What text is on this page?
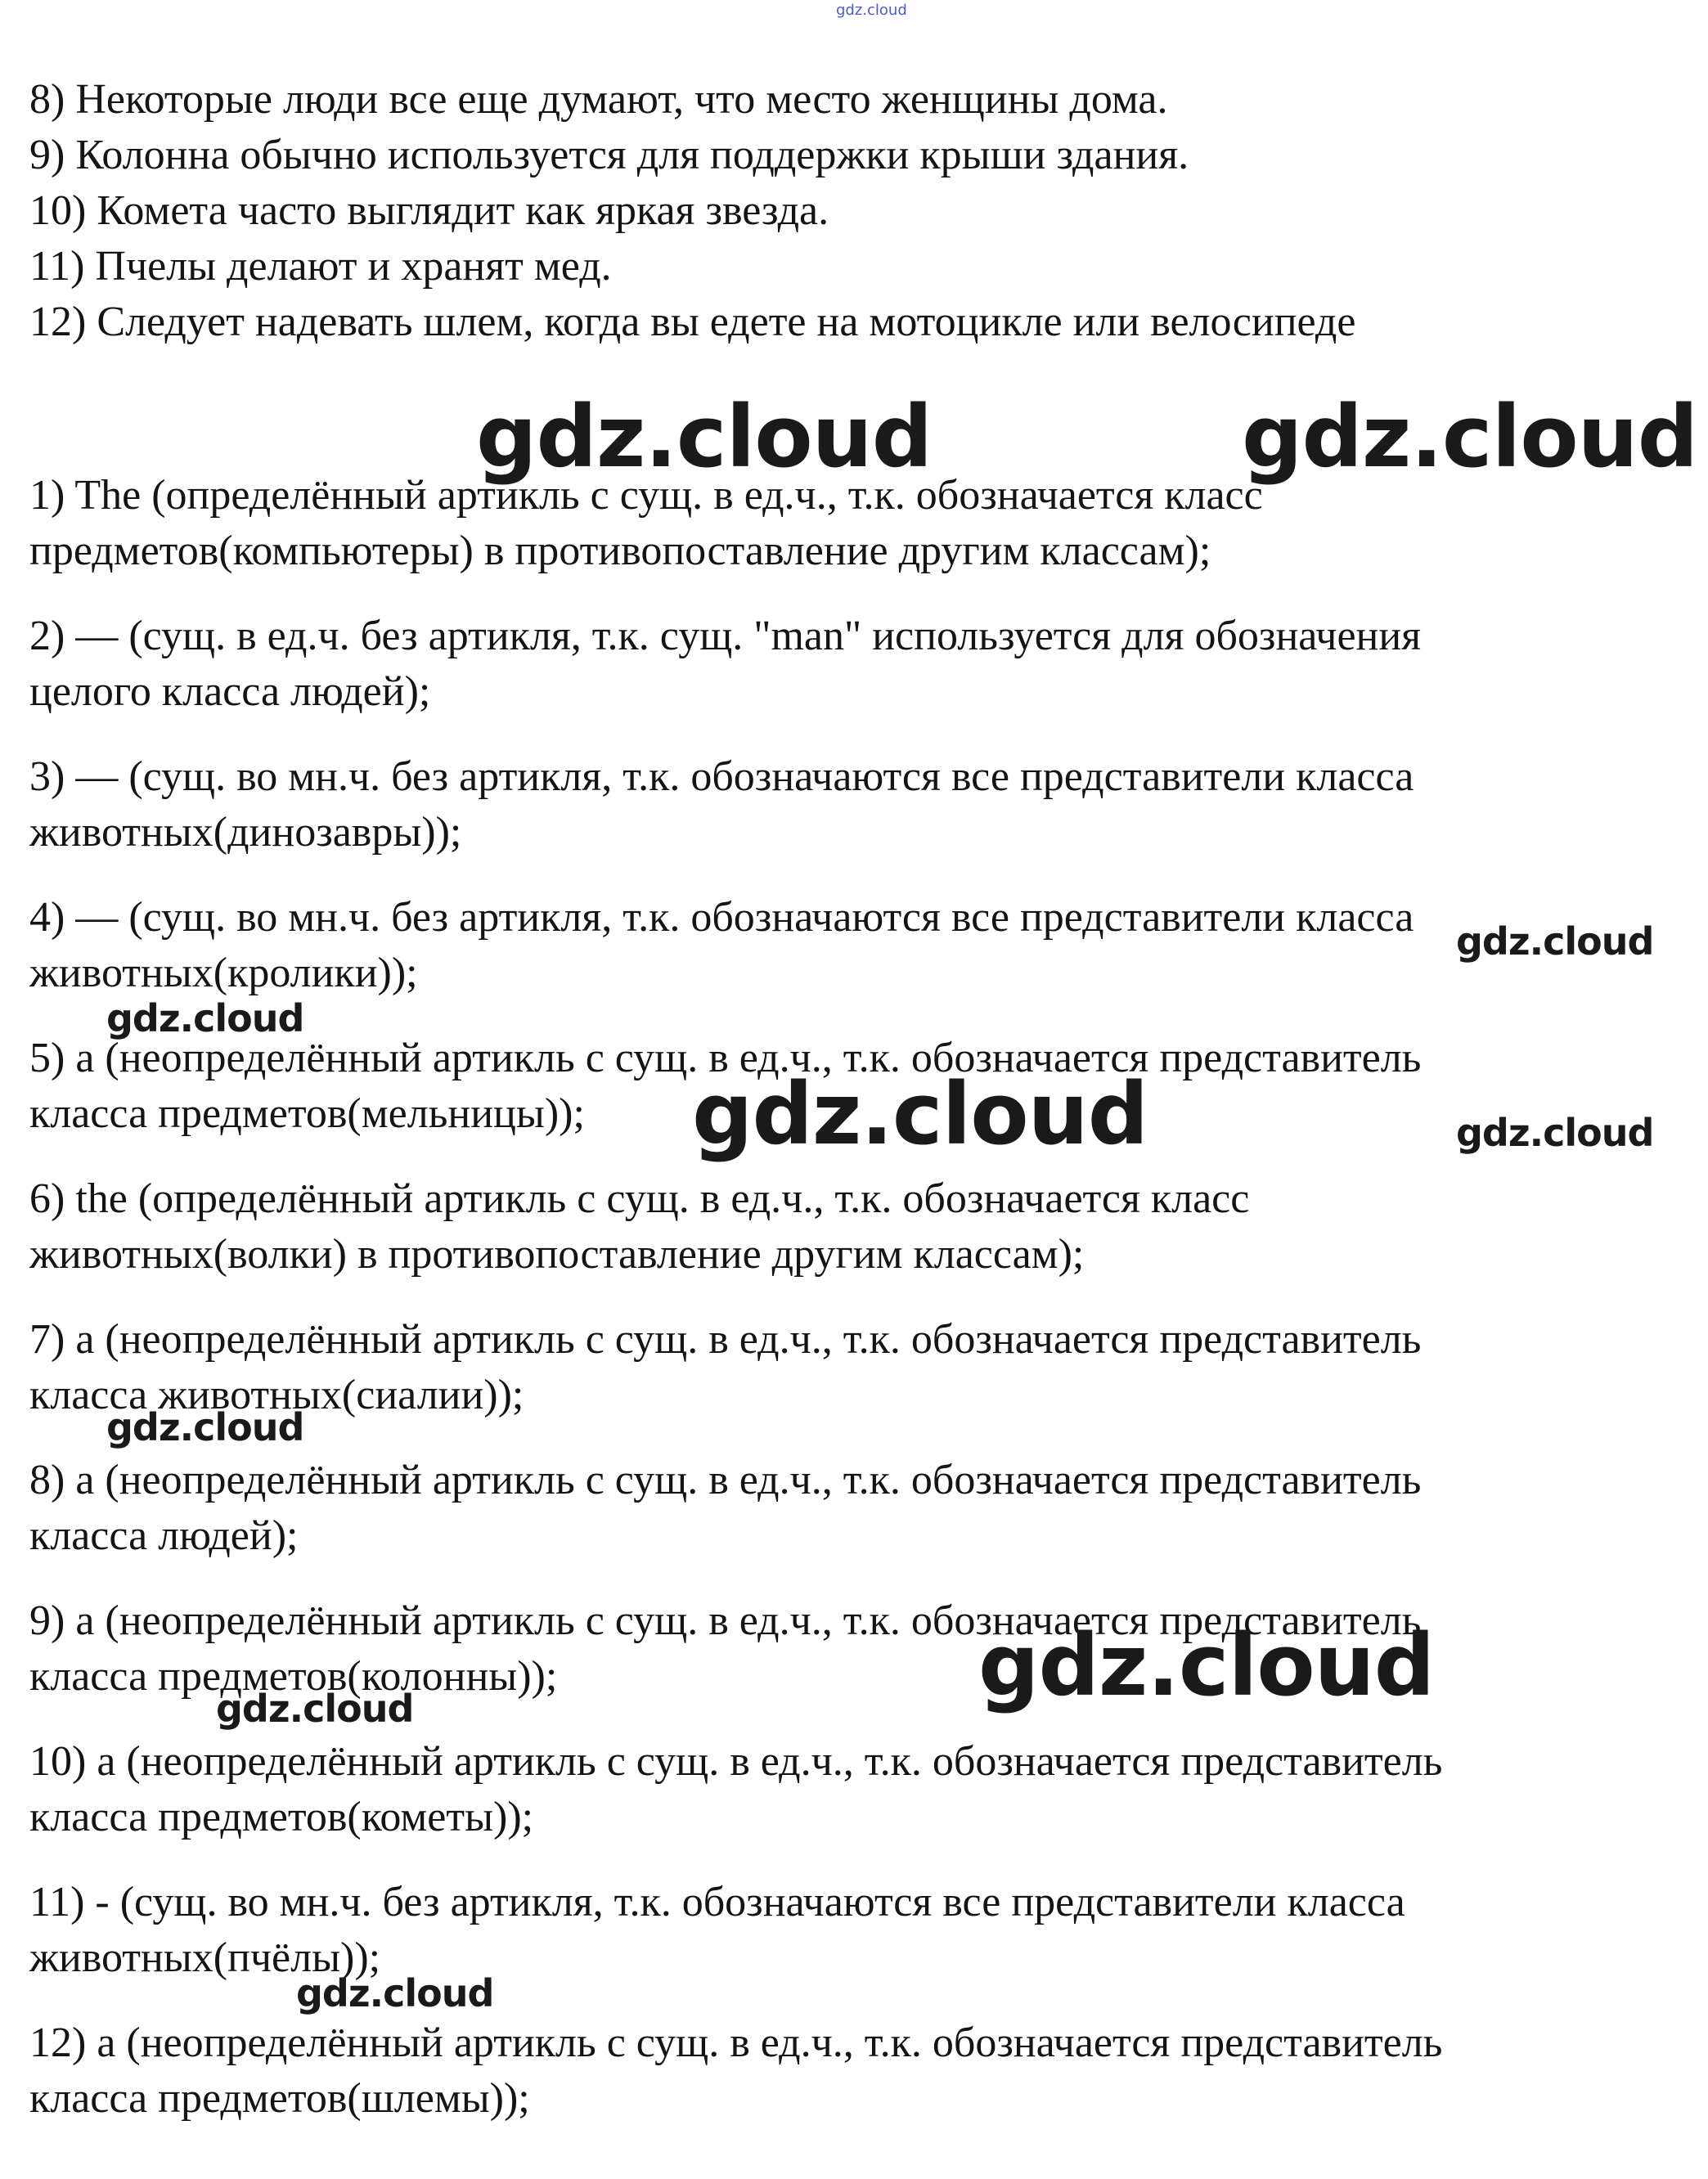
gdz.cloud

8) Некоторые люди все еще думают, что место женщины дома.

9) Колонна обычно используется для поддержки крыши здания.

10) Комета часто выглядит как яркая звезда.

11) Пчелы делают и хранят мед.

12) Следует надевать шлем, когда вы едете на мотоцикле или велосипеде

1) The (определённый артикль с сущ. в ед.ч., т.к. обозначается класс

предметов(компьютеры) в противопоставление другим классам);

2) — (сущ. в ед.ч. без артикля, т.к. сущ. "man" используется для обозначения

целого класса людей);

3) — (сущ. во мн.ч. без артикля, т.к. обозначаются все представители класса

животных(динозавры));

4) — (сущ. во мн.ч. без артикля, т.к. обозначаются все представители класса

животных(кролики));

5) a (неопределённый артикль с сущ. в ед.ч., т.к. обозначается представитель

класса предметов(мельницы));

6) the (определённый артикль с сущ. в ед.ч., т.к. обозначается класс

животных(волки) в противопоставление другим классам);

7) a (неопределённый артикль с сущ. в ед.ч., т.к. обозначается представитель

класса животных(сиалии));

8) a (неопределённый артикль с сущ. в ед.ч., т.к. обозначается представитель

класса людей);

9) a (неопределённый артикль с сущ. в ед.ч., т.к. обозначается представитель

класса предметов(колонны));

10) a (неопределённый артикль с сущ. в ед.ч., т.к. обозначается представитель

класса предметов(кометы));

11) - (сущ. во мн.ч. без артикля, т.к. обозначаются все представители класса

животных(пчёлы));

12) a (неопределённый артикль с сущ. в ед.ч., т.к. обозначается представитель

класса предметов(шлемы));

gdz.cloud	gdz.cloud
gdz.cloud
gdz.cloud
gdz.cloud
gdz.cloud
gdz.cloud
gdz.cloud
gdz.cloud
gdz.cloud
